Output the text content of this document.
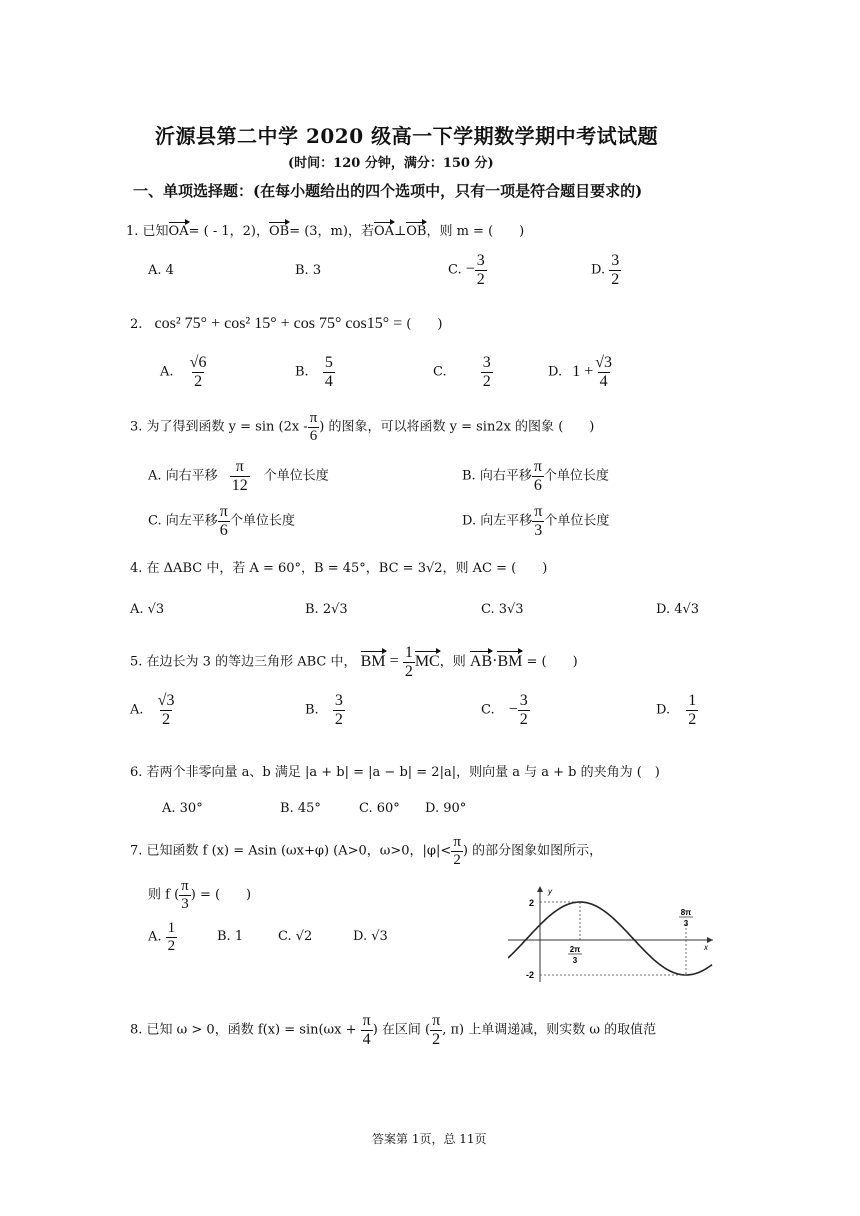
沂源县第二中学 2020 级高一下学期数学期中考试试题
(时间：120 分钟，满分：150 分)
一、单项选择题：(在每小题给出的四个选项中，只有一项是符合题目要求的)
1. 已知OA= ( - 1，2)，OB= (3，m)，若OA⊥OB，则 m = (　　)
A. 4	B. 3	C. − $\frac{3}{2}$	D. $\frac{3}{2}$
2. cos² 75° + cos² 15° + cos 75° cos15° = (　　)
A. $\frac{√6}{2}$	B. $\frac{5}{4}$	C. $\frac{3}{2}$	D. $1 + \frac{√3}{4}$
3. 为了得到函数 $y = \sin (2x - \frac{\pi}{6}$ ) 的图象，可以将函数 y = sin2x 的图象 (　　)
A. 向右平移 $\frac{\pi}{12}$ 个单位长度	B. 向右平移 $\frac{\pi}{6}$ 个单位长度
C. 向左平移 $\frac{\pi}{6}$ 个单位长度	D. 向左平移 $\frac{\pi}{3}$ 个单位长度
4. 在 ΔABC 中，若 A = 60°，B = 45°，BC = 3√2，则 AC = (　　)
A. √3	B. 2√3	C. 3√3	D. 4√3
5. 在边长为 3 的等边三角形 ABC 中， BM = $\frac{1}{2}$ MC，则 AB·BM = (　　)
A. $\frac{√3}{2}$	B. $\frac{3}{2}$	C. − $\frac{3}{2}$	D. $\frac{1}{2}$
6. 若两个非零向量 a、b 满足 |a + b| = |a − b| = 2|a|，则向量 a 与 a + b 的夹角为 (　)
A. 30°	B. 45°	C. 60° D. 90°
7. 已知函数 f (x) = Asin (ωx+φ) (A>0，ω>0，$|\varphi|< \frac{\pi}{2}$ ) 的部分图象如图所示，
则 f ( $\frac{\pi}{3}$ ) = (　　)
A. $\frac{1}{2}$	B. 1	C. √2	D. √3
2
-2
y
x
2π
3
8π
3
8. 已知 ω > 0，函数 $f(x) = \sin(\omega x + \frac{\pi}{4}$ ) 在区间 ( $\frac{\pi}{2}$ , π) 上单调递减，则实数 ω 的取值范
答案第 1页，总 11页
